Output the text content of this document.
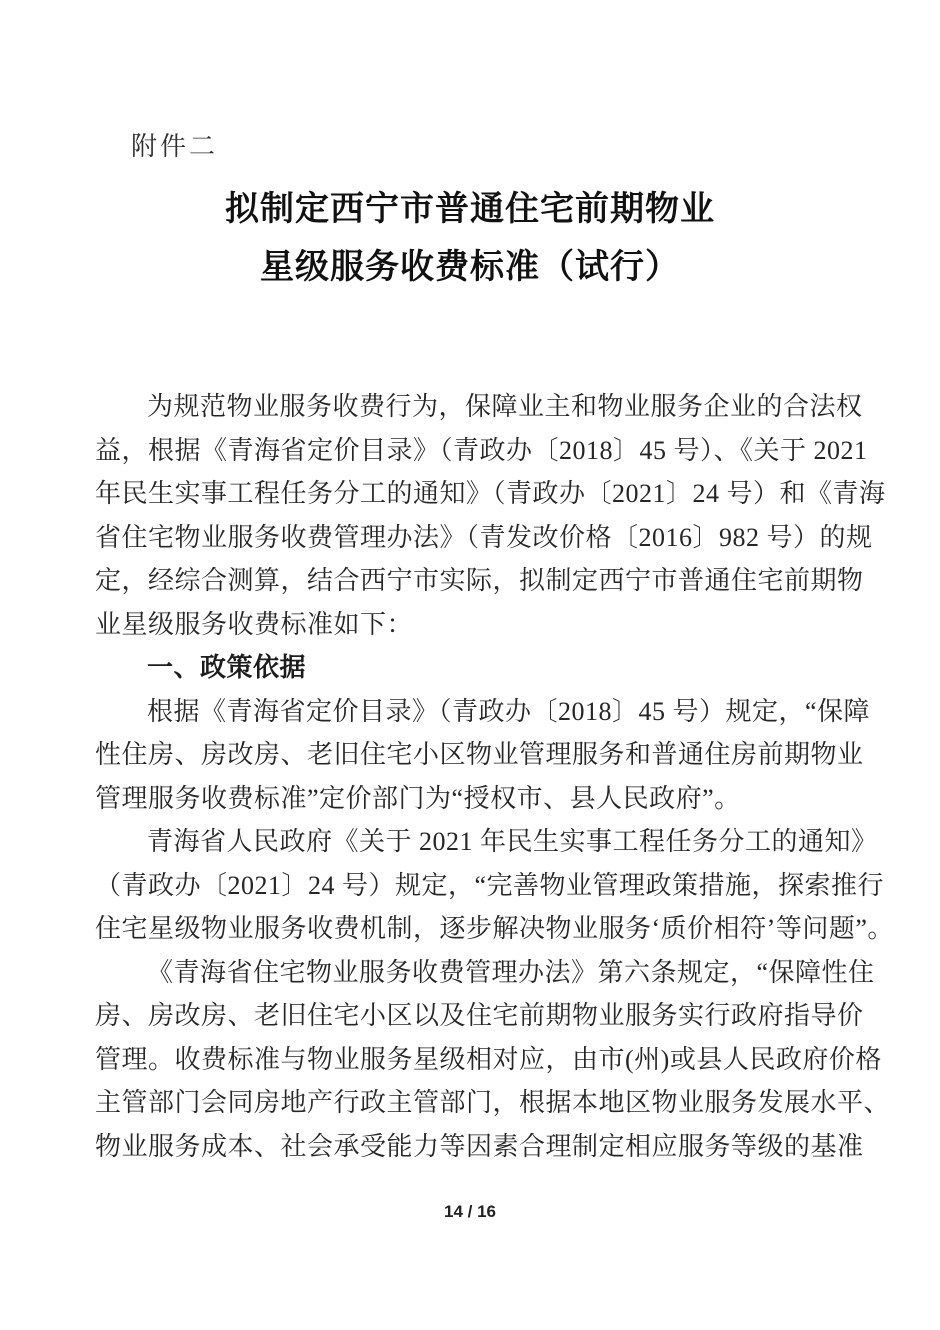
附件二
拟制定西宁市普通住宅前期物业
星级服务收费标准（试行）
为规范物业服务收费行为，保障业主和物业服务企业的合法权
益，根据《青海省定价目录》（青政办〔2018〕45 号）、《关于 2021
年民生实事工程任务分工的通知》（青政办〔2021〕24 号）和《青海
省住宅物业服务收费管理办法》（青发改价格〔2016〕982 号）的规
定，经综合测算，结合西宁市实际，拟制定西宁市普通住宅前期物
业星级服务收费标准如下：
一、政策依据
根据《青海省定价目录》（青政办〔2018〕45 号）规定，“保障
性住房、房改房、老旧住宅小区物业管理服务和普通住房前期物业
管理服务收费标准”定价部门为“授权市、县人民政府”。
青海省人民政府《关于 2021 年民生实事工程任务分工的通知》
（青政办〔2021〕24 号）规定，“完善物业管理政策措施，探索推行
住宅星级物业服务收费机制，逐步解决物业服务‘质价相符’等问题”。
《青海省住宅物业服务收费管理办法》第六条规定，“保障性住
房、房改房、老旧住宅小区以及住宅前期物业服务实行政府指导价
管理。收费标准与物业服务星级相对应，由市(州)或县人民政府价格
主管部门会同房地产行政主管部门，根据本地区物业服务发展水平、
物业服务成本、社会承受能力等因素合理制定相应服务等级的基准
14 / 16
